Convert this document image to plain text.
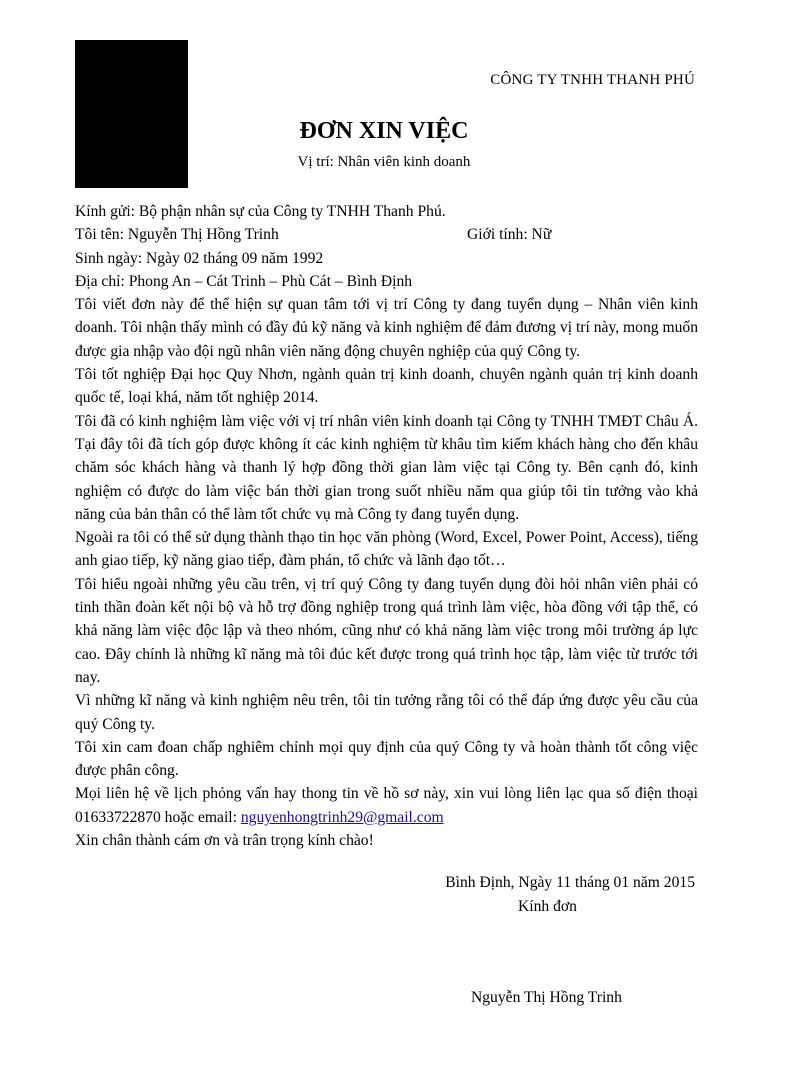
CÔNG TY TNHH THANH PHÚ
ĐƠN XIN VIỆC
Vị trí: Nhân viên kinh doanh

Kính gửi: Bộ phận nhân sự của Công ty TNHH Thanh Phú.

Tôi tên: Nguyễn Thị Hồng Trinh	Giới tính: Nữ

Sinh ngày: Ngày 02 tháng 09 năm 1992

Địa chỉ: Phong An – Cát Trinh – Phù Cát – Bình Định

Tôi viết đơn này để thể hiện sự quan tâm tới vị trí Công ty đang tuyển dụng – Nhân viên kinh doanh. Tôi nhận thấy mình có đầy đủ kỹ năng và kinh nghiệm để đảm đương vị trí này, mong muốn được gia nhập vào đội ngũ nhân viên năng động chuyên nghiệp của quý Công ty.

Tôi tốt nghiệp Đại học Quy Nhơn, ngành quản trị kinh doanh, chuyên ngành quản trị kinh doanh quốc tế, loại khá, năm tốt nghiệp 2014.

Tôi đã có kinh nghiệm làm việc với vị trí nhân viên kinh doanh tại Công ty TNHH TMĐT Châu Á. Tại đây tôi đã tích góp được không ít các kinh nghiệm từ khâu tìm kiếm khách hàng cho đến khâu chăm sóc khách hàng và thanh lý hợp đồng thời gian làm việc tại Công ty. Bên cạnh đó, kinh nghiệm có được do làm việc bán thời gian trong suốt nhiều năm qua giúp tôi tin tưởng vào khả năng của bản thân có thể làm tốt chức vụ mà Công ty đang tuyển dụng.

Ngoài ra tôi có thể sử dụng thành thạo tin học văn phòng (Word, Excel, Power Point, Access), tiếng anh giao tiếp, kỹ năng giao tiếp, đàm phán, tổ chức và lãnh đạo tốt…

Tôi hiểu ngoài những yêu cầu trên, vị trí quý Công ty đang tuyển dụng đòi hỏi nhân viên phải có tinh thần đoàn kết nội bộ và hỗ trợ đồng nghiệp trong quá trình làm việc, hòa đồng với tập thể, có khả năng làm việc độc lập và theo nhóm, cũng như có khả năng làm việc trong môi trường áp lực cao. Đây chính là những kĩ năng mà tôi đúc kết được trong quá trình học tập, làm việc từ trước tới nay.

Vì những kĩ năng và kinh nghiệm nêu trên, tôi tin tưởng rằng tôi có thể đáp ứng được yêu cầu của quý Công ty.

Tôi xin cam đoan chấp nghiêm chỉnh mọi quy định của quý Công ty và hoàn thành tốt công việc được phân công.

Mọi liên hệ về lịch phỏng vấn hay thong tin về hồ sơ này, xin vui lòng liên lạc qua số điện thoại 01633722870 hoặc email: nguyenhongtrinh29@gmail.com

Xin chân thành cám ơn và trân trọng kính chào!

Bình Định, Ngày 11 tháng 01 năm 2015
Kính đơn
Nguyễn Thị Hồng Trinh
